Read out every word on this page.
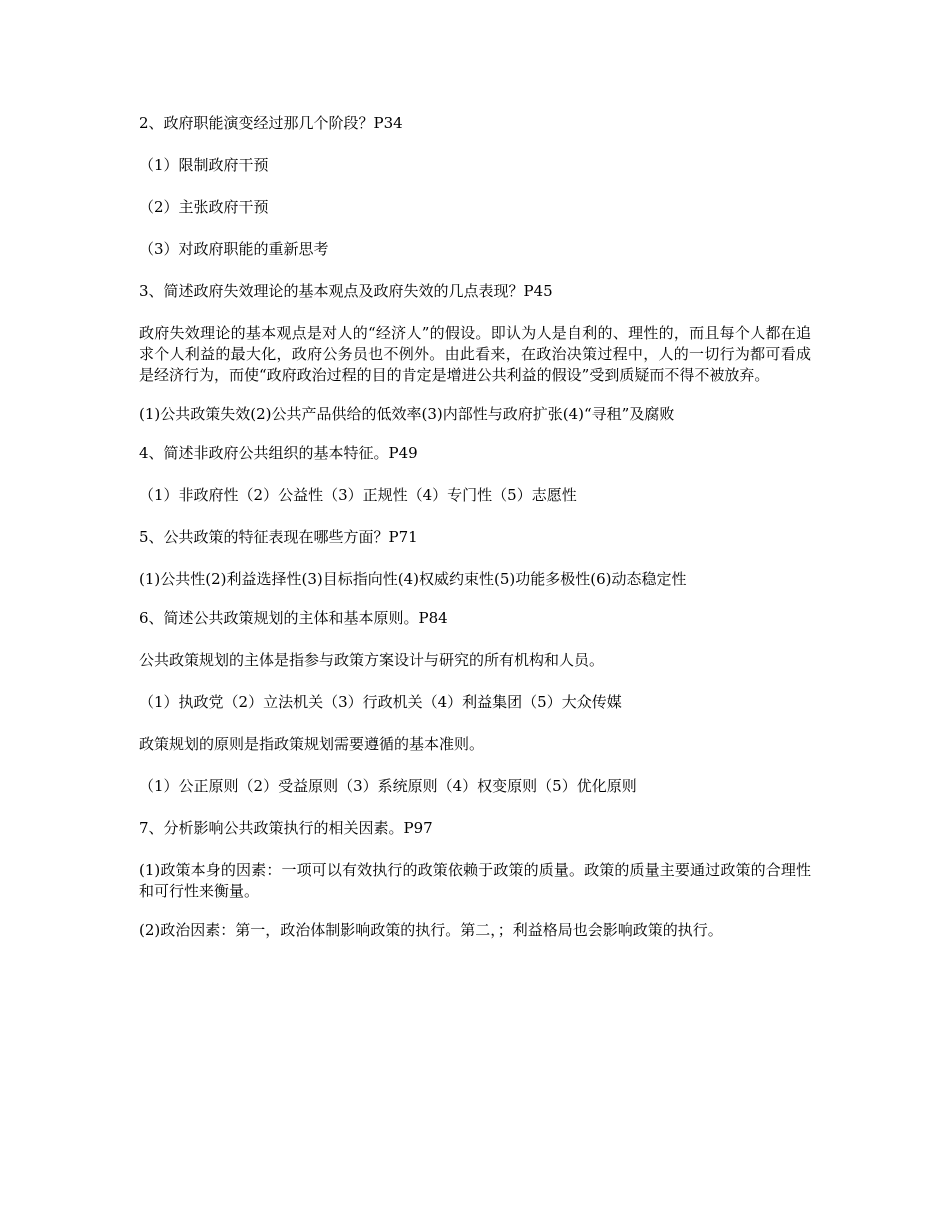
2、政府职能演变经过那几个阶段？P34

（1）限制政府干预

（2）主张政府干预

（3）对政府职能的重新思考

3、简述政府失效理论的基本观点及政府失效的几点表现？P45

政府失效理论的基本观点是对人的“经济人”的假设。即认为人是自利的、理性的，而且每个人都在追求个人利益的最大化，政府公务员也不例外。由此看来，在政治决策过程中，人的一切行为都可看成是经济行为，而使“政府政治过程的目的肯定是增进公共利益的假设”受到质疑而不得不被放弃。

(1)公共政策失效(2)公共产品供给的低效率(3)内部性与政府扩张(4)“寻租”及腐败

4、简述非政府公共组织的基本特征。P49

（1）非政府性（2）公益性（3）正规性（4）专门性（5）志愿性

5、公共政策的特征表现在哪些方面？P71

(1)公共性(2)利益选择性(3)目标指向性(4)权威约束性(5)功能多极性(6)动态稳定性

6、简述公共政策规划的主体和基本原则。P84

公共政策规划的主体是指参与政策方案设计与研究的所有机构和人员。

（1）执政党（2）立法机关（3）行政机关（4）利益集团（5）大众传媒

政策规划的原则是指政策规划需要遵循的基本准则。

（1）公正原则（2）受益原则（3）系统原则（4）权变原则（5）优化原则

7、分析影响公共政策执行的相关因素。P97

(1)政策本身的因素：一项可以有效执行的政策依赖于政策的质量。政策的质量主要通过政策的合理性和可行性来衡量。

(2)政治因素：第一，政治体制影响政策的执行。第二，；利益格局也会影响政策的执行。
